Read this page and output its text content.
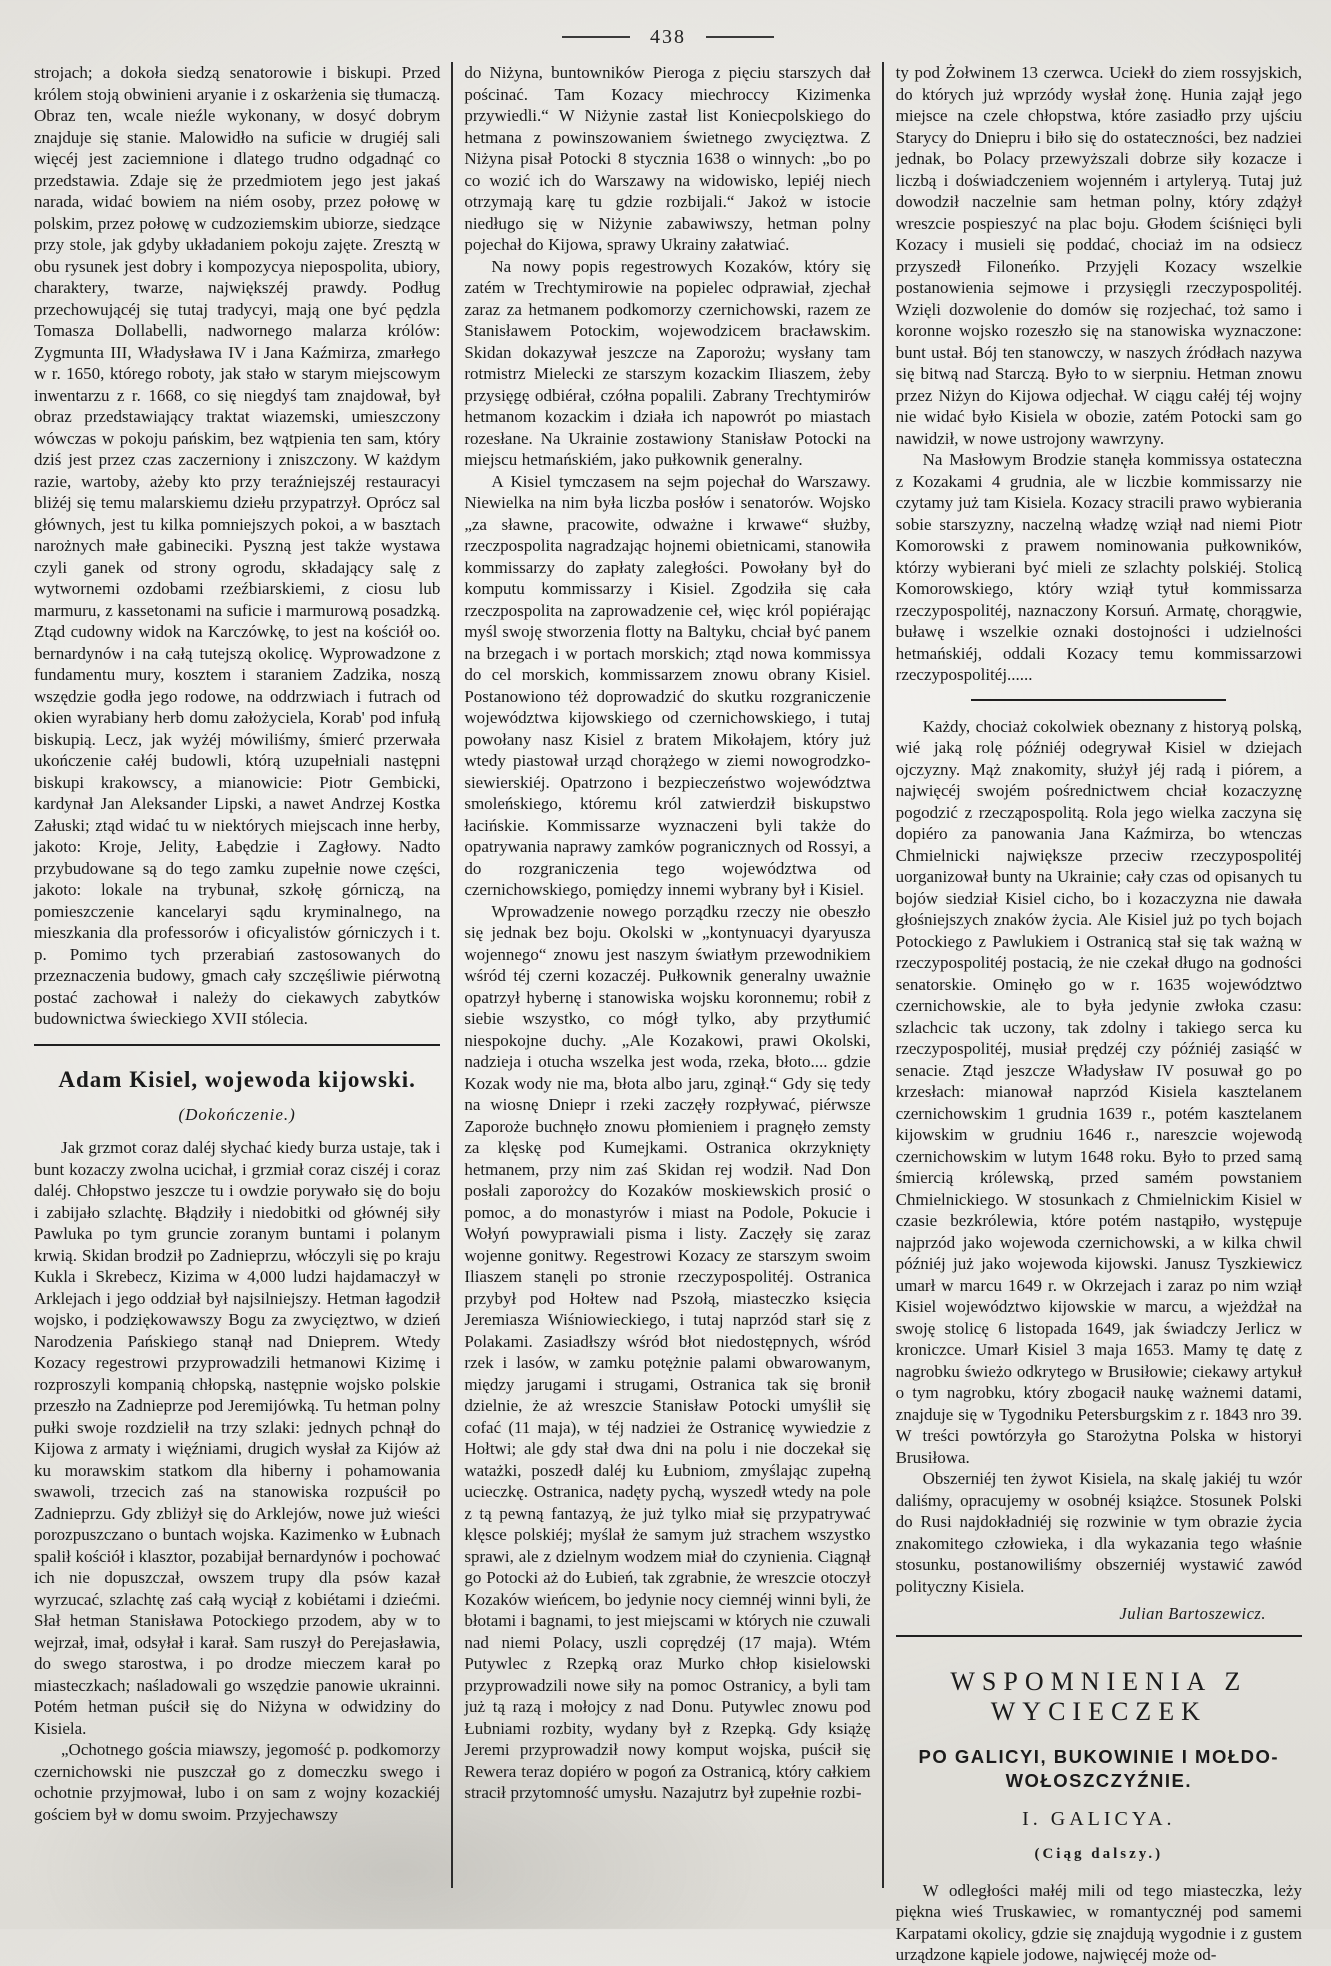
438

strojach; a dokoła siedzą senatorowie i biskupi. Przed królem stoją obwinieni aryanie i z oskarżenia się tłumaczą. Obraz ten, wcale nieźle wykonany, w dosyć dobrym znajduje się stanie. Malowidło na suficie w drugiéj sali więcéj jest zaciemnione i dlatego trudno odgadnąć co przedstawia. Zdaje się że przedmiotem jego jest jakaś narada, widać bowiem na niém osoby, przez połowę w polskim, przez połowę w cudzoziemskim ubiorze, siedzące przy stole, jak gdyby układaniem pokoju zajęte. Zresztą w obu rysunek jest dobry i kompozycya niepospolita, ubiory, charaktery, twarze, największéj prawdy. Podług przechowującéj się tutaj tradycyi, mają one być pędzla Tomasza Dollabelli, nadwornego malarza królów: Zygmunta III, Władysława IV i Jana Kaźmirza, zmarłego w r. 1650, którego roboty, jak stało w starym miejscowym inwentarzu z r. 1668, co się niegdyś tam znajdował, był obraz przedstawiający traktat wiazemski, umieszczony wówczas w pokoju pańskim, bez wątpienia ten sam, który dziś jest przez czas zaczerniony i zniszczony. W każdym razie, wartoby, ażeby kto przy teraźniejszéj restauracyi bliżéj się temu malarskiemu dziełu przypatrzył. Oprócz sal głównych, jest tu kilka pomniejszych pokoi, a w basztach narożnych małe gabineciki. Pyszną jest także wystawa czyli ganek od strony ogrodu, składający salę z wytwornemi ozdobami rzeźbiarskiemi, z ciosu lub marmuru, z kassetonami na suficie i marmurową posadzką. Ztąd cudowny widok na Karczówkę, to jest na kościół oo. bernardynów i na całą tutejszą okolicę. Wyprowadzone z fundamentu mury, kosztem i staraniem Zadzika, noszą wszędzie godła jego rodowe, na oddrzwiach i futrach od okien wyrabiany herb domu założyciela, Korab' pod infułą biskupią. Lecz, jak wyżéj mówiliśmy, śmierć przerwała ukończenie całéj budowli, którą uzupełniali następni biskupi krakowscy, a mianowicie: Piotr Gembicki, kardynał Jan Aleksander Lipski, a nawet Andrzej Kostka Załuski; ztąd widać tu w niektórych miejscach inne herby, jakoto: Kroje, Jelity, Łabędzie i Zagłowy. Nadto przybudowane są do tego zamku zupełnie nowe części, jakoto: lokale na trybunał, szkołę górniczą, na pomieszczenie kancelaryi sądu kryminalnego, na mieszkania dla professorów i oficyalistów górniczych i t. p. Pomimo tych przerabiań zastosowanych do przeznaczenia budowy, gmach cały szczęśliwie piérwotną postać zachował i należy do ciekawych zabytków budownictwa świeckiego XVII stólecia.

Adam Kisiel, wojewoda kijowski.
(Dokończenie.)

Jak grzmot coraz daléj słychać kiedy burza ustaje, tak i bunt kozaczy zwolna ucichał, i grzmiał coraz ciszéj i coraz daléj. Chłopstwo jeszcze tu i owdzie porywało się do boju i zabijało szlachtę. Błądziły i niedobitki od głównéj siły Pawluka po tym gruncie zoranym buntami i polanym krwią. Skidan brodził po Zadnieprzu, włóczyli się po kraju Kukla i Skrebecz, Kizima w 4,000 ludzi hajdamaczył w Arklejach i jego oddział był najsilniejszy. Hetman łagodził wojsko, i podziękowawszy Bogu za zwycięztwo, w dzień Narodzenia Pańskiego stanął nad Dnieprem. Wtedy Kozacy regestrowi przyprowadzili hetmanowi Kizimę i rozproszyli kompanią chłopską, następnie wojsko polskie przeszło na Zadnieprze pod Jeremijówką. Tu hetman polny pułki swoje rozdzielił na trzy szlaki: jednych pchnął do Kijowa z armaty i więźniami, drugich wysłał za Kijów aż ku morawskim statkom dla hiberny i pohamowania swawoli, trzecich zaś na stanowiska rozpuścił po Zadnieprzu. Gdy zbliżył się do Arklejów, nowe już wieści porozpuszczano o buntach wojska. Kazimenko w Łubnach spalił kościół i klasztor, pozabijał bernardynów i pochować ich nie dopuszczał, owszem trupy dla psów kazał wyrzucać, szlachtę zaś całą wyciął z kobiétami i dziećmi. Słał hetman Stanisława Potockiego przodem, aby w to wejrzał, imał, odsyłał i karał. Sam ruszył do Perejasławia, do swego starostwa, i po drodze mieczem karał po miasteczkach; naśladowali go wszędzie panowie ukrainni. Potém hetman puścił się do Niżyna w odwidziny do Kisiela.

„Ochotnego gościa miawszy, jegomość p. podkomorzy czernichowski nie puszczał go z domeczku swego i ochotnie przyjmował, lubo i on sam z wojny kozackiéj gościem był w domu swoim. Przyjechawszy

do Niżyna, buntowników Pieroga z pięciu starszych dał pościnać. Tam Kozacy miechroccy Kizimenka przywiedli.“ W Niżynie zastał list Koniecpolskiego do hetmana z powinszowaniem świetnego zwycięztwa. Z Niżyna pisał Potocki 8 stycznia 1638 o winnych: „bo po co wozić ich do Warszawy na widowisko, lepiéj niech otrzymają karę tu gdzie rozbijali.“ Jakoż w istocie niedługo się w Niżynie zabawiwszy, hetman polny pojechał do Kijowa, sprawy Ukrainy załatwiać.

Na nowy popis regestrowych Kozaków, który się zatém w Trechtymirowie na popielec odprawiał, zjechał zaraz za hetmanem podkomorzy czernichowski, razem ze Stanisławem Potockim, wojewodzicem bracławskim. Skidan dokazywał jeszcze na Zaporożu; wysłany tam rotmistrz Mielecki ze starszym kozackim Iliaszem, żeby przysięgę odbiérał, czółna popalili. Zabrany Trechtymirów hetmanom kozackim i działa ich napowrót po miastach rozesłane. Na Ukrainie zostawiony Stanisław Potocki na miejscu hetmańskiém, jako pułkownik generalny.

A Kisiel tymczasem na sejm pojechał do Warszawy. Niewielka na nim była liczba posłów i senatorów. Wojsko „za sławne, pracowite, odważne i krwawe“ służby, rzeczpospolita nagradzając hojnemi obietnicami, stanowiła kommissarzy do zapłaty zaległości. Powołany był do komputu kommissarzy i Kisiel. Zgodziła się cała rzeczpospolita na zaprowadzenie ceł, więc król popiérając myśl swoję stworzenia flotty na Baltyku, chciał być panem na brzegach i w portach morskich; ztąd nowa kommissya do cel morskich, kommissarzem znowu obrany Kisiel. Postanowiono téż doprowadzić do skutku rozgraniczenie województwa kijowskiego od czernichowskiego, i tutaj powołany nasz Kisiel z bratem Mikołajem, który już wtedy piastował urząd chorążego w ziemi nowogrodzko-siewierskiéj. Opatrzono i bezpieczeństwo województwa smoleńskiego, któremu król zatwierdził biskupstwo łacińskie. Kommissarze wyznaczeni byli także do opatrywania naprawy zamków pogranicznych od Rossyi, a do rozgraniczenia tego województwa od czernichowskiego, pomiędzy innemi wybrany był i Kisiel.

Wprowadzenie nowego porządku rzeczy nie obeszło się jednak bez boju. Okolski w „kontynuacyi dyaryusza wojennego“ znowu jest naszym światłym przewodnikiem wśród téj czerni kozaczéj. Pułkownik generalny uważnie opatrzył hybernę i stanowiska wojsku koronnemu; robił z siebie wszystko, co mógł tylko, aby przytłumić niespokojne duchy. „Ale Kozakowi, prawi Okolski, nadzieja i otucha wszelka jest woda, rzeka, błoto.... gdzie Kozak wody nie ma, błota albo jaru, zginął.“ Gdy się tedy na wiosnę Dniepr i rzeki zaczęły rozpływać, piérwsze Zaporoże buchnęło znowu płomieniem i pragnęło zemsty za klęskę pod Kumejkami. Ostranica okrzyknięty hetmanem, przy nim zaś Skidan rej wodził. Nad Don posłali zaporożcy do Kozaków moskiewskich prosić o pomoc, a do monastyrów i miast na Podole, Pokucie i Wołyń powyprawiali pisma i listy. Zaczęły się zaraz wojenne gonitwy. Regestrowi Kozacy ze starszym swoim Iliaszem stanęli po stronie rzeczypospolitéj. Ostranica przybył pod Hołtew nad Pszołą, miasteczko księcia Jeremiasza Wiśniowieckiego, i tutaj naprzód starł się z Polakami. Zasiadłszy wśród błot niedostępnych, wśród rzek i lasów, w zamku potężnie palami obwarowanym, między jarugami i strugami, Ostranica tak się bronił dzielnie, że aż wreszcie Stanisław Potocki umyślił się cofać (11 maja), w téj nadziei że Ostranicę wywiedzie z Hołtwi; ale gdy stał dwa dni na polu i nie doczekał się watażki, poszedł daléj ku Łubniom, zmyślając zupełną ucieczkę. Ostranica, nadęty pychą, wyszedł wtedy na pole z tą pewną fantazyą, że już tylko miał się przypatrywać klęsce polskiéj; myślał że samym już strachem wszystko sprawi, ale z dzielnym wodzem miał do czynienia. Ciągnął go Potocki aż do Łubień, tak zgrabnie, że wreszcie otoczył Kozaków wieńcem, bo jedynie nocy ciemnéj winni byli, że błotami i bagnami, to jest miejscami w których nie czuwali nad niemi Polacy, uszli coprędzéj (17 maja). Wtém Putywlec z Rzepką oraz Murko chłop kisielowski przyprowadzili nowe siły na pomoc Ostranicy, a byli tam już tą razą i mołojcy z nad Donu. Putywlec znowu pod Łubniami rozbity, wydany był z Rzepką. Gdy książę Jeremi przyprowadził nowy komput wojska, puścił się Rewera teraz dopiéro w pogoń za Ostranicą, który całkiem stracił przytomność umysłu. Nazajutrz był zupełnie rozbi-

ty pod Żołwinem 13 czerwca. Uciekł do ziem rossyjskich, do których już wprzódy wysłał żonę. Hunia zajął jego miejsce na czele chłopstwa, które zasiadło przy ujściu Starycy do Dniepru i biło się do ostateczności, bez nadziei jednak, bo Polacy przewyższali dobrze siły kozacze i liczbą i doświadczeniem wojenném i artyleryą. Tutaj już dowodził naczelnie sam hetman polny, który zdążył wreszcie pospieszyć na plac boju. Głodem ściśnięci byli Kozacy i musieli się poddać, chociaż im na odsiecz przyszedł Filoneńko. Przyjęli Kozacy wszelkie postanowienia sejmowe i przysięgli rzeczypospolitéj. Wzięli dozwolenie do domów się rozjechać, toż samo i koronne wojsko rozeszło się na stanowiska wyznaczone: bunt ustał. Bój ten stanowczy, w naszych źródłach nazywa się bitwą nad Starczą. Było to w sierpniu. Hetman znowu przez Niżyn do Kijowa odjechał. W ciągu całéj téj wojny nie widać było Kisiela w obozie, zatém Potocki sam go nawidził, w nowe ustrojony wawrzyny.

Na Masłowym Brodzie stanęła kommissya ostateczna z Kozakami 4 grudnia, ale w liczbie kommissarzy nie czytamy już tam Kisiela. Kozacy stracili prawo wybierania sobie starszyzny, naczelną władzę wziął nad niemi Piotr Komorowski z prawem nominowania pułkowników, którzy wybierani być mieli ze szlachty polskiéj. Stolicą Komorowskiego, który wziął tytuł kommissarza rzeczypospolitéj, naznaczony Korsuń. Armatę, chorągwie, buławę i wszelkie oznaki dostojności i udzielności hetmańskiéj, oddali Kozacy temu kommissarzowi rzeczypospolitéj......

Każdy, chociaż cokolwiek obeznany z historyą polską, wié jaką rolę późniéj odegrywał Kisiel w dziejach ojczyzny. Mąż znakomity, służył jéj radą i piórem, a najwięcéj swojém pośrednictwem chciał kozaczyznę pogodzić z rzecząpospolitą. Rola jego wielka zaczyna się dopiéro za panowania Jana Kaźmirza, bo wtenczas Chmielnicki największe przeciw rzeczypospolitéj uorganizował bunty na Ukrainie; cały czas od opisanych tu bojów siedział Kisiel cicho, bo i kozaczyzna nie dawała głośniejszych znaków życia. Ale Kisiel już po tych bojach Potockiego z Pawlukiem i Ostranicą stał się tak ważną w rzeczypospolitéj postacią, że nie czekał długo na godności senatorskie. Ominęło go w r. 1635 województwo czernichowskie, ale to była jedynie zwłoka czasu: szlachcic tak uczony, tak zdolny i takiego serca ku rzeczypospolitéj, musiał prędzéj czy późniéj zasiąść w senacie. Ztąd jeszcze Władysław IV posuwał go po krzesłach: mianował naprzód Kisiela kasztelanem czernichowskim 1 grudnia 1639 r., potém kasztelanem kijowskim w grudniu 1646 r., nareszcie wojewodą czernichowskim w lutym 1648 roku. Było to przed samą śmiercią królewską, przed samém powstaniem Chmielnickiego. W stosunkach z Chmielnickim Kisiel w czasie bezkrólewia, które potém nastąpiło, występuje najprzód jako wojewoda czernichowski, a w kilka chwil późniéj już jako wojewoda kijowski. Janusz Tyszkiewicz umarł w marcu 1649 r. w Okrzejach i zaraz po nim wziął Kisiel województwo kijowskie w marcu, a wjeżdżał na swoję stolicę 6 listopada 1649, jak świadczy Jerlicz w kroniczce. Umarł Kisiel 3 maja 1653. Mamy tę datę z nagrobku świeżo odkrytego w Brusiłowie; ciekawy artykuł o tym nagrobku, który zbogacił naukę ważnemi datami, znajduje się w Tygodniku Petersburgskim z r. 1843 nro 39. W treści powtórzyła go Starożytna Polska w historyi Brusiłowa.

Obszerniéj ten żywot Kisiela, na skalę jakiéj tu wzór daliśmy, opracujemy w osobnéj książce. Stosunek Polski do Rusi najdokładniéj się rozwinie w tym obrazie życia znakomitego człowieka, i dla wykazania tego właśnie stosunku, postanowiliśmy obszerniéj wystawić zawód polityczny Kisiela.

Julian Bartoszewicz.

WSPOMNIENIA Z WYCIECZEK
PO GALICYI, BUKOWINIE I MOŁDO-WOŁOSZCZYŹNIE.
I. GALICYA.
(Ciąg dalszy.)

W odległości małéj mili od tego miasteczka, leży piękna wieś Truskawiec, w romantycznéj pod samemi Karpatami okolicy, gdzie się znajdują wygodnie i z gustem urządzone kąpiele jodowe, najwięcéj może od-
